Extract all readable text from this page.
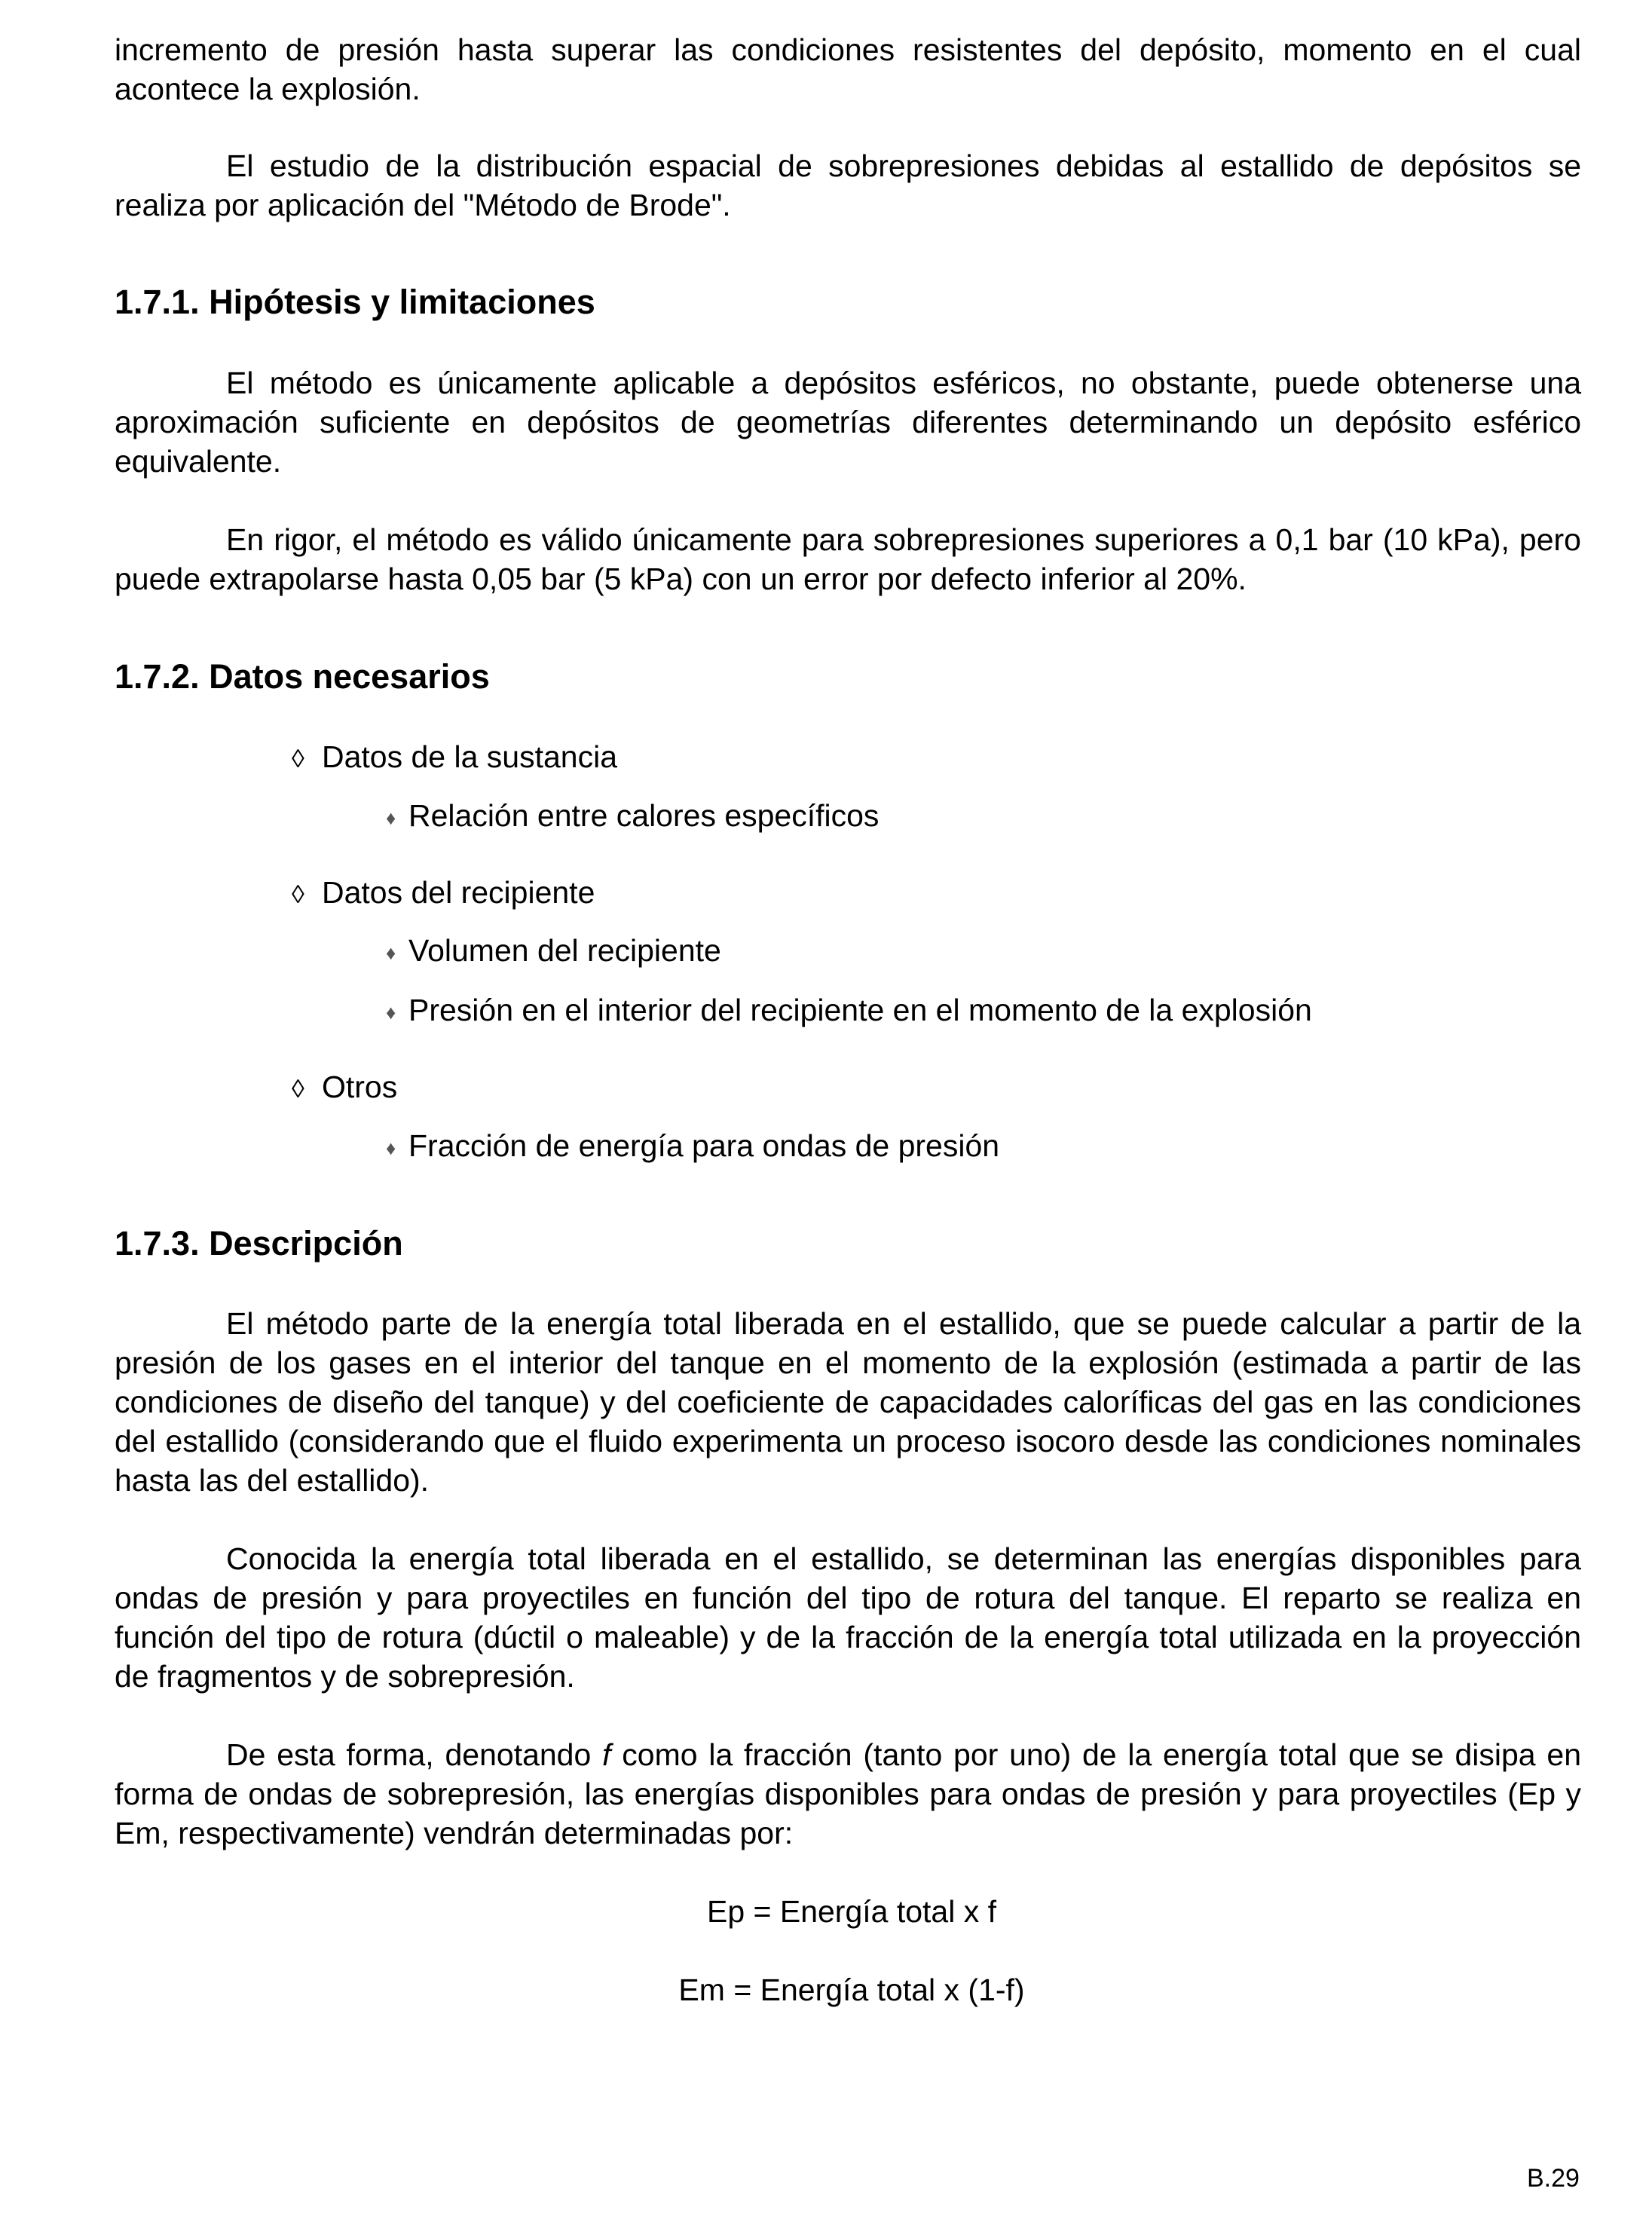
incremento de presión hasta superar las condiciones resistentes del depósito, momento en el cual acontece la explosión.

El estudio de la distribución espacial de sobrepresiones debidas al estallido de depósitos se realiza por aplicación del "Método de Brode".

1.7.1. Hipótesis y limitaciones

El método es únicamente aplicable a depósitos esféricos, no obstante, puede obtenerse una aproximación suficiente en depósitos de geometrías diferentes determinando un depósito esférico equivalente.

En rigor, el método es válido únicamente para sobrepresiones superiores a 0,1 bar (10 kPa), pero puede extrapolarse hasta 0,05 bar (5 kPa) con un error por defecto inferior al 20%.

1.7.2. Datos necesarios
◊ Datos de la sustancia
♦ Relación entre calores específicos
◊ Datos del recipiente
♦ Volumen del recipiente
♦ Presión en el interior del recipiente en el momento de la explosión
◊ Otros
♦ Fracción de energía para ondas de presión
1.7.3. Descripción

El método parte de la energía total liberada en el estallido, que se puede calcular a partir de la presión de los gases en el interior del tanque en el momento de la explosión (estimada a partir de las condiciones de diseño del tanque) y del coeficiente de capacidades caloríficas del gas en las condiciones del estallido (considerando que el fluido experimenta un proceso isocoro desde las condiciones nominales hasta las del estallido).

Conocida la energía total liberada en el estallido, se determinan las energías disponibles para ondas de presión y para proyectiles en función del tipo de rotura del tanque. El reparto se realiza en función del tipo de rotura (dúctil o maleable) y de la fracción de la energía total utilizada en la proyección de fragmentos y de sobrepresión.

De esta forma, denotando f como la fracción (tanto por uno) de la energía total que se disipa en forma de ondas de sobrepresión, las energías disponibles para ondas de presión y para proyectiles (Ep y Em, respectivamente) vendrán determinadas por:

Ep = Energía total x f
Em = Energía total x (1-f)
B.29
